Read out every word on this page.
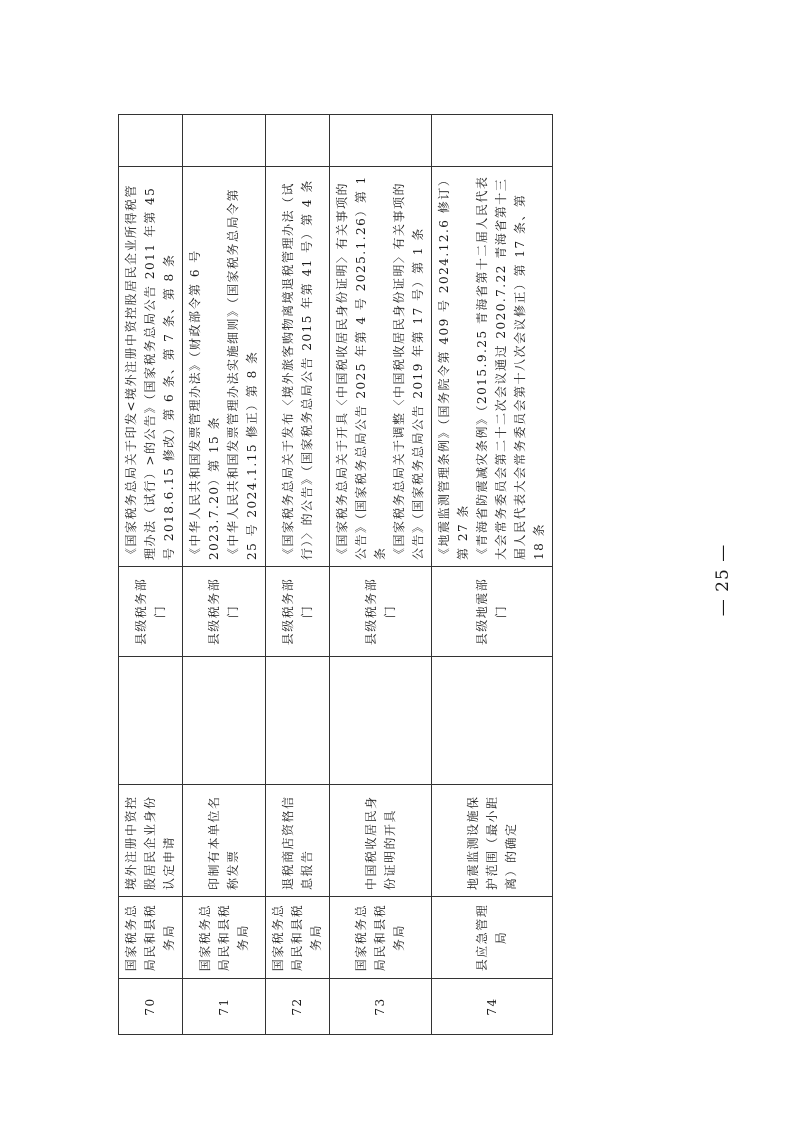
70	国家税务总局民和县税务局	境外注册中资控股居民企业身份认定申请		县级税务部门	《国家税务总局关于印发<境外注册中资控股居民企业所得税管理办法（试行）>的公告》（国家税务总局公告 2011 年第 45 号 2018.6.15 修改）第 6 条、第 7 条、第 8 条	

71	国家税务总局民和县税务局	印制有本单位名称发票		县级税务部门	《中华人民共和国发票管理办法》（财政部令第 6 号 2023.7.20）第 15 条 《中华人民共和国发票管理办法实施细则》（国家税务总局令第 25 号 2024.1.15 修正）第 8 条	

72	国家税务总局民和县税务局	退税商店资格信息报告		县级税务部门	《国家税务总局关于发布〈境外旅客购物离境退税管理办法（试行）〉的公告》（国家税务总局公告 2015 年第 41 号）第 4 条	

73	国家税务总局民和县税务局	中国税收居民身份证明的开具		县级税务部门	《国家税务总局关于开具〈中国税收居民身份证明〉有关事项的公告》（国家税务总局公告 2025 年第 4 号 2025.1.26）第 1 条 《国家税务总局关于调整〈中国税收居民身份证明〉有关事项的公告》（国家税务总局公告 2019 年第 17 号）第 1 条	

74	县应急管理局	地震监测设施保护范围（最小距离）的确定		县级地震部门	《地震监测管理条例》（国务院令第 409 号 2024.12.6 修订）第 27 条 《青海省防震减灾条例》（2015.9.25 青海省第十二届人民代表大会常务委员会第二十二次会议通过 2020.7.22 青海省第十三届人民代表大会常务委员会第十八次会议修正）第 17 条、第 18 条	

— 25 —
